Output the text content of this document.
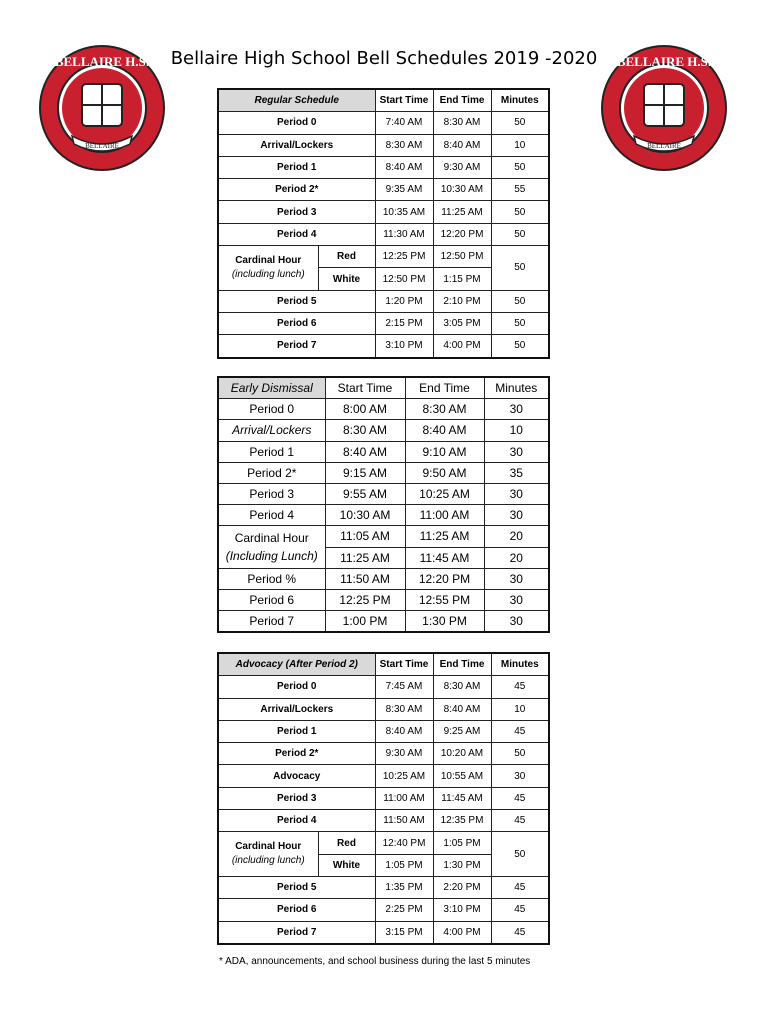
Bellaire High School Bell Schedules 2019 -2020
BELLAIRE H.S.
BELLAIRE
BELLAIRE H.S.
BELLAIRE
Regular Schedule		Start Time	End Time	Minutes
Period 0		7:40 AM	8:30 AM	50
Arrival/Lockers		8:30 AM	8:40 AM	10
Period 1		8:40 AM	9:30 AM	50
Period 2*		9:35 AM	10:30 AM	55
Period 3		10:35 AM	11:25 AM	50
Period 4		11:30 AM	12:20 PM	50

Cardinal Hour
(including lunch)	Red	12:25 PM	12:50 PM	50
	White	12:50 PM	1:15 PM	
Period 5		1:20 PM	2:10 PM	50
Period 6		2:15 PM	3:05 PM	50
Period 7		3:10 PM	4:00 PM	50
Early Dismissal	Start Time	End Time	Minutes
Period 0	8:00 AM	8:30 AM	30
Arrival/Lockers	8:30 AM	8:40 AM	10
Period 1	8:40 AM	9:10 AM	30
Period 2*	9:15 AM	9:50 AM	35
Period 3	9:55 AM	10:25 AM	30
Period 4	10:30 AM	11:00 AM	30

Cardinal Hour
(Including Lunch)	11:05 AM	11:25 AM	20
	11:25 AM	11:45 AM	20
Period %	11:50 AM	12:20 PM	30
Period 6	12:25 PM	12:55 PM	30
Period 7	1:00 PM	1:30 PM	30
Advocacy (After Period 2)		Start Time	End Time	Minutes
Period 0		7:45 AM	8:30 AM	45
Arrival/Lockers		8:30 AM	8:40 AM	10
Period 1		8:40 AM	9:25 AM	45
Period 2*		9:30 AM	10:20 AM	50
Advocacy		10:25 AM	10:55 AM	30
Period 3		11:00 AM	11:45 AM	45
Period 4		11:50 AM	12:35 PM	45

Cardinal Hour
(including lunch)	Red	12:40 PM	1:05 PM	50
	White	1:05 PM	1:30 PM	
Period 5		1:35 PM	2:20 PM	45
Period 6		2:25 PM	3:10 PM	45
Period 7		3:15 PM	4:00 PM	45
* ADA, announcements, and school business during the last 5 minutes
